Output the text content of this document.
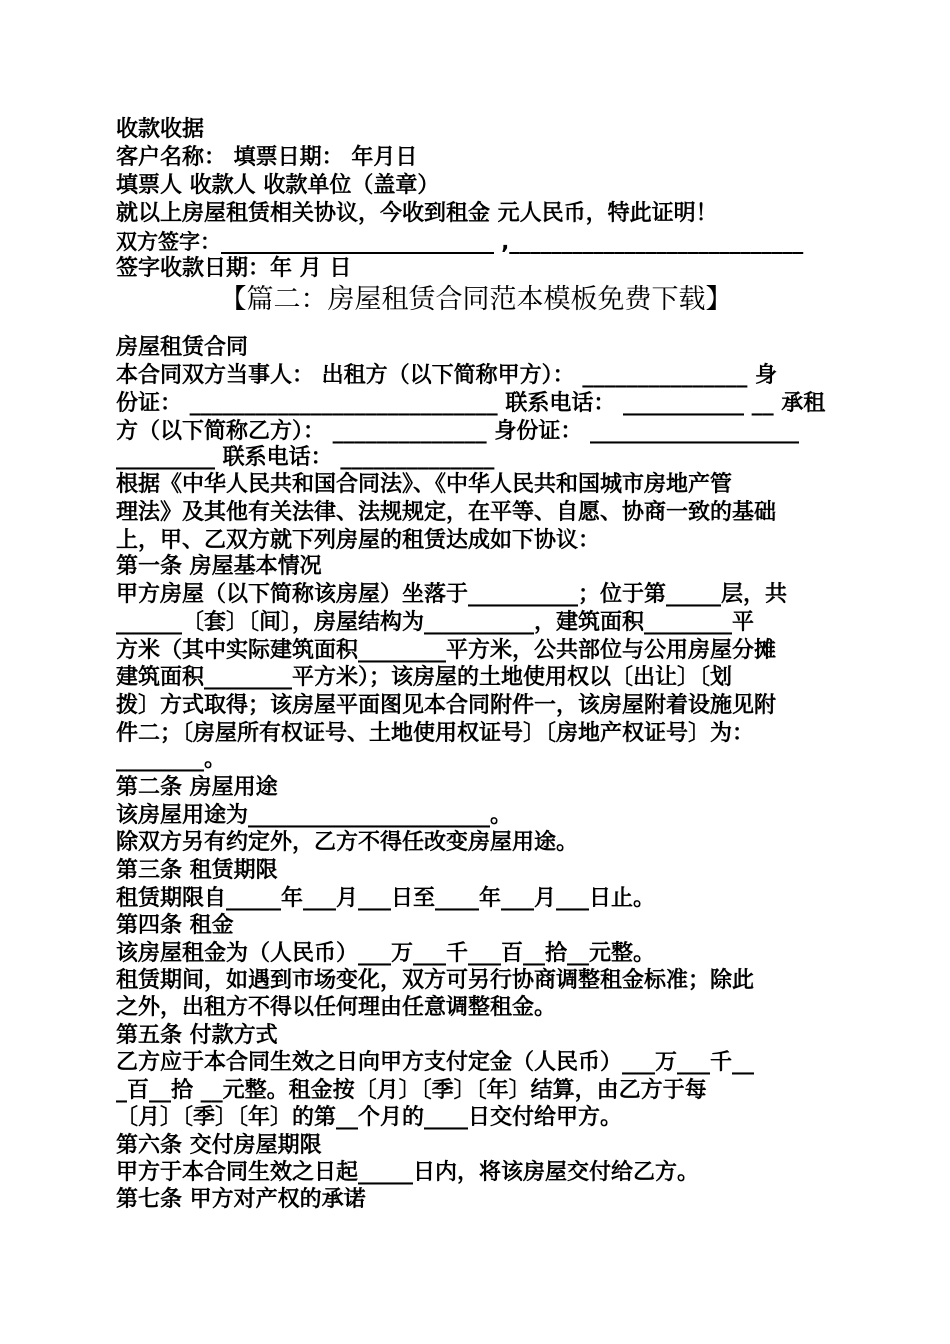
收款收据
客户名称： 填票日期： 年月日
填票人 收款人 收款单位（盖章）
就以上房屋租赁相关协议，今收到租金 元人民币，特此证明！
双方签字：__________________________ ,____________________________
签字收款日期：年 月 日
【篇二：房屋租赁合同范本模板免费下载】
房屋租赁合同
本合同双方当事人： 出租方（以下简称甲方）： _______________ 身
份证： ____________________________ 联系电话： ___________ __ 承租
方（以下简称乙方）： ______________ 身份证： ___________________
_________ 联系电话： ______________
根据《中华人民共和国合同法》、《中华人民共和国城市房地产管
理法》及其他有关法律、法规规定，在平等、自愿、协商一致的基础
上，甲、乙双方就下列房屋的租赁达成如下协议：
第一条 房屋基本情况
甲方房屋（以下简称该房屋）坐落于__________；位于第_____层，共
______〔套〕〔间〕，房屋结构为__________，建筑面积________平
方米（其中实际建筑面积________平方米，公共部位与公用房屋分摊
建筑面积________平方米）；该房屋的土地使用权以〔出让〕〔划
拨〕方式取得；该房屋平面图见本合同附件一，该房屋附着设施见附
件二；〔房屋所有权证号、土地使用权证号〕〔房地产权证号〕为：
________。
第二条 房屋用途
该房屋用途为______________________。
除双方另有约定外，乙方不得任改变房屋用途。
第三条 租赁期限
租赁期限自_____年___月___日至____年___月___日止。
第四条 租金
该房屋租金为（人民币）___万___千___百__拾__元整。
租赁期间，如遇到市场变化，双方可另行协商调整租金标准；除此
之外，出租方不得以任何理由任意调整租金。
第五条 付款方式
乙方应于本合同生效之日向甲方支付定金（人民币）___万___千__
_百__拾 __元整。租金按〔月〕〔季〕〔年〕结算，由乙方于每
〔月〕〔季〕〔年〕的第__个月的____日交付给甲方。
第六条 交付房屋期限
甲方于本合同生效之日起_____日内，将该房屋交付给乙方。
第七条 甲方对产权的承诺
